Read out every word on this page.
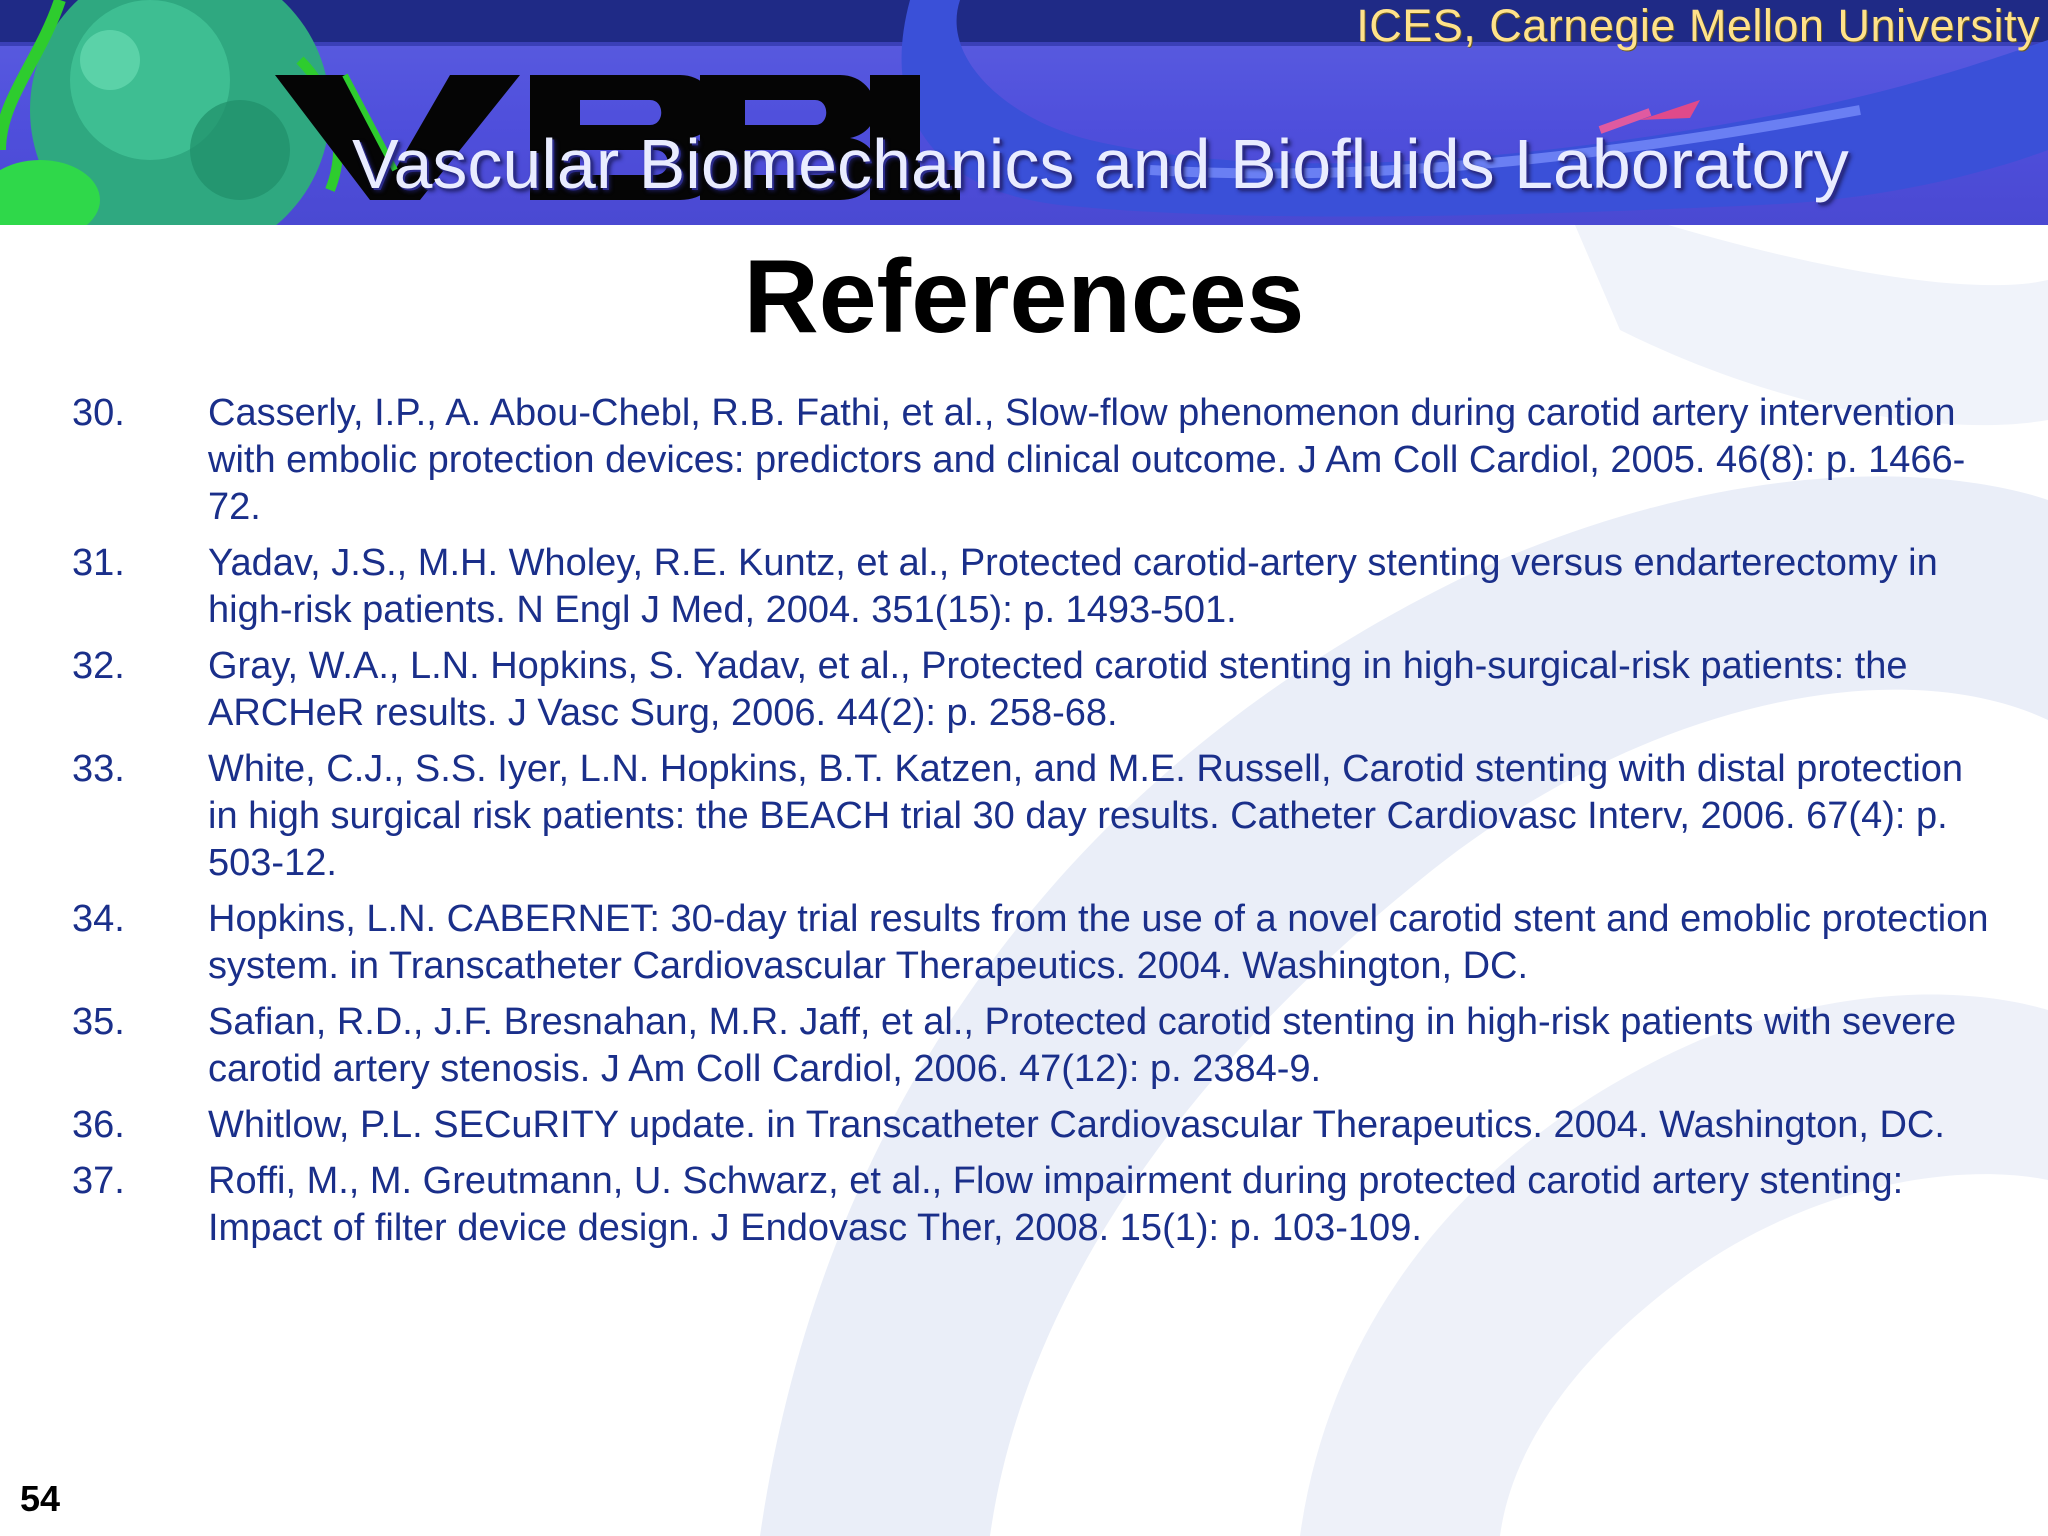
ICES, Carnegie Mellon University
Vascular Biomechanics and Biofluids Laboratory
References
30. Casserly, I.P., A. Abou-Chebl, R.B. Fathi, et al., Slow-flow phenomenon during carotid artery intervention with embolic protection devices: predictors and clinical outcome. J Am Coll Cardiol, 2005. 46(8): p. 1466-72.
31. Yadav, J.S., M.H. Wholey, R.E. Kuntz, et al., Protected carotid-artery stenting versus endarterectomy in high-risk patients. N Engl J Med, 2004. 351(15): p. 1493-501.
32. Gray, W.A., L.N. Hopkins, S. Yadav, et al., Protected carotid stenting in high-surgical-risk patients: the ARCHeR results. J Vasc Surg, 2006. 44(2): p. 258-68.
33. White, C.J., S.S. Iyer, L.N. Hopkins, B.T. Katzen, and M.E. Russell, Carotid stenting with distal protection in high surgical risk patients: the BEACH trial 30 day results. Catheter Cardiovasc Interv, 2006. 67(4): p. 503-12.
34. Hopkins, L.N. CABERNET: 30-day trial results from the use of a novel carotid stent and emoblic protection system. in Transcatheter Cardiovascular Therapeutics. 2004. Washington, DC.
35. Safian, R.D., J.F. Bresnahan, M.R. Jaff, et al., Protected carotid stenting in high-risk patients with severe carotid artery stenosis. J Am Coll Cardiol, 2006. 47(12): p. 2384-9.
36. Whitlow, P.L. SECuRITY update. in Transcatheter Cardiovascular Therapeutics. 2004. Washington, DC.
37. Roffi, M., M. Greutmann, U. Schwarz, et al., Flow impairment during protected carotid artery stenting: Impact of filter device design. J Endovasc Ther, 2008. 15(1): p. 103-109.
54
